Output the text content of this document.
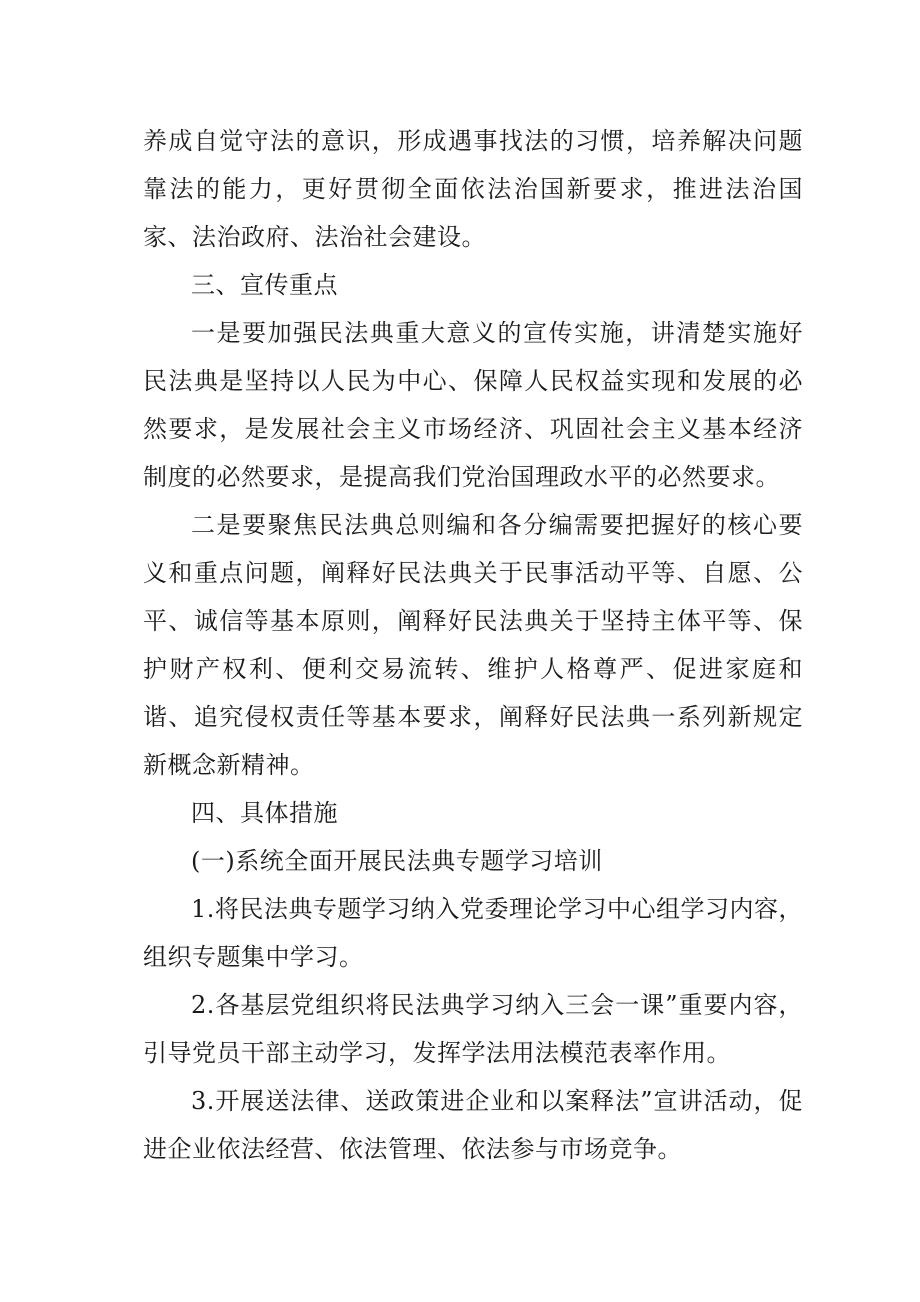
养成自觉守法的意识，形成遇事找法的习惯，培养解决问题靠法的能力，更好贯彻全面依法治国新要求，推进法治国家、法治政府、法治社会建设。

三、宣传重点

一是要加强民法典重大意义的宣传实施，讲清楚实施好民法典是坚持以人民为中心、保障人民权益实现和发展的必然要求，是发展社会主义市场经济、巩固社会主义基本经济制度的必然要求，是提高我们党治国理政水平的必然要求。

二是要聚焦民法典总则编和各分编需要把握好的核心要义和重点问题，阐释好民法典关于民事活动平等、自愿、公平、诚信等基本原则，阐释好民法典关于坚持主体平等、保护财产权利、便利交易流转、维护人格尊严、促进家庭和谐、追究侵权责任等基本要求，阐释好民法典一系列新规定新概念新精神。

四、具体措施

(一)系统全面开展民法典专题学习培训

1.将民法典专题学习纳入党委理论学习中心组学习内容，组织专题集中学习。

2.各基层党组织将民法典学习纳入三会一课”重要内容，引导党员干部主动学习，发挥学法用法模范表率作用。

3.开展送法律、送政策进企业和以案释法”宣讲活动，促进企业依法经营、依法管理、依法参与市场竞争。
